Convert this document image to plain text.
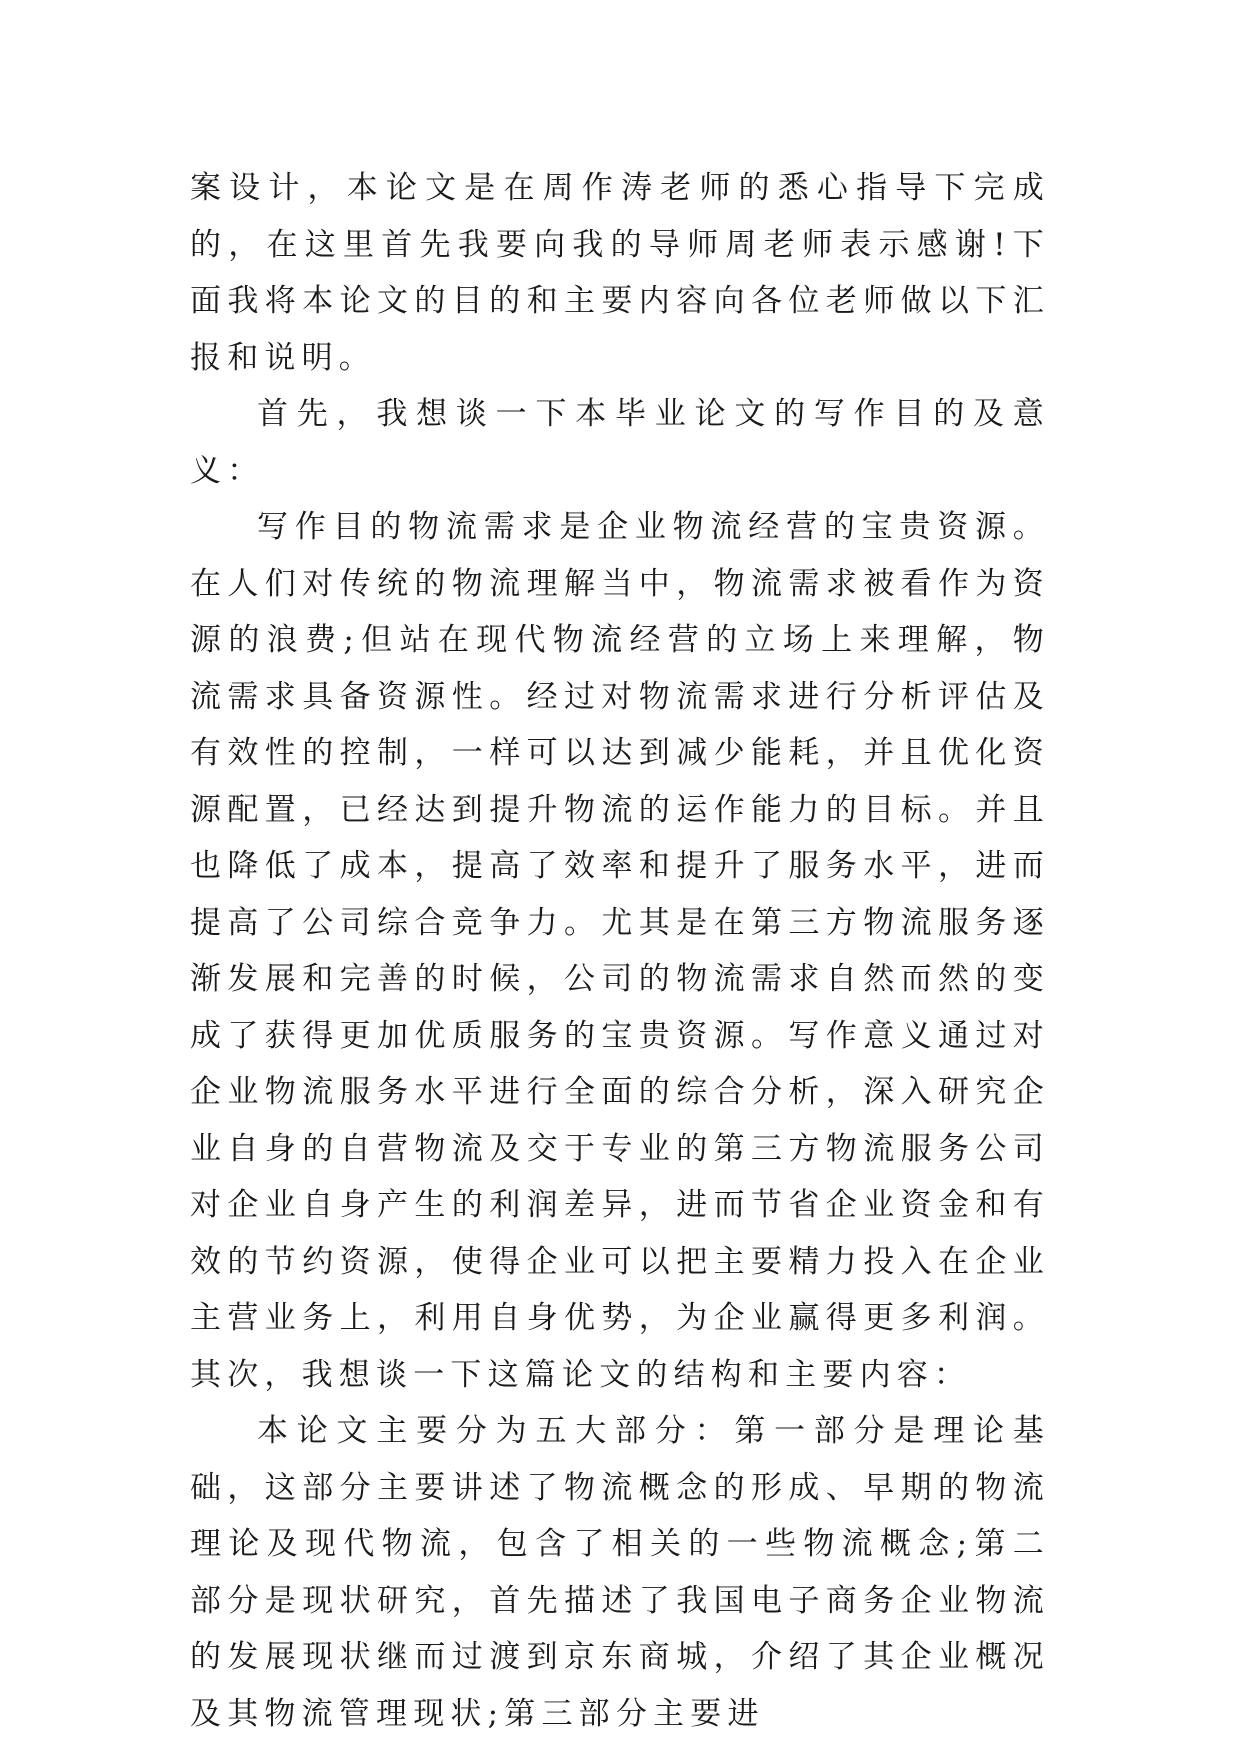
案设计，本论文是在周作涛老师的悉心指导下完成的，在这里首先我要向我的导师周老师表示感谢!下面我将本论文的目的和主要内容向各位老师做以下汇报和说明。

首先，我想谈一下本毕业论文的写作目的及意义：

写作目的物流需求是企业物流经营的宝贵资源。在人们对传统的物流理解当中，物流需求被看作为资源的浪费;但站在现代物流经营的立场上来理解，物流需求具备资源性。经过对物流需求进行分析评估及有效性的控制，一样可以达到减少能耗，并且优化资源配置，已经达到提升物流的运作能力的目标。并且也降低了成本，提高了效率和提升了服务水平，进而提高了公司综合竞争力。尤其是在第三方物流服务逐渐发展和完善的时候，公司的物流需求自然而然的变成了获得更加优质服务的宝贵资源。写作意义通过对企业物流服务水平进行全面的综合分析，深入研究企业自身的自营物流及交于专业的第三方物流服务公司对企业自身产生的利润差异，进而节省企业资金和有效的节约资源，使得企业可以把主要精力投入在企业主营业务上，利用自身优势，为企业赢得更多利润。 其次，我想谈一下这篇论文的结构和主要内容：

本论文主要分为五大部分：第一部分是理论基础，这部分主要讲述了物流概念的形成、早期的物流理论及现代物流，包含了相关的一些物流概念;第二部分是现状研究，首先描述了我国电子商务企业物流的发展现状继而过渡到京东商城，介绍了其企业概况及其物流管理现状;第三部分主要进
